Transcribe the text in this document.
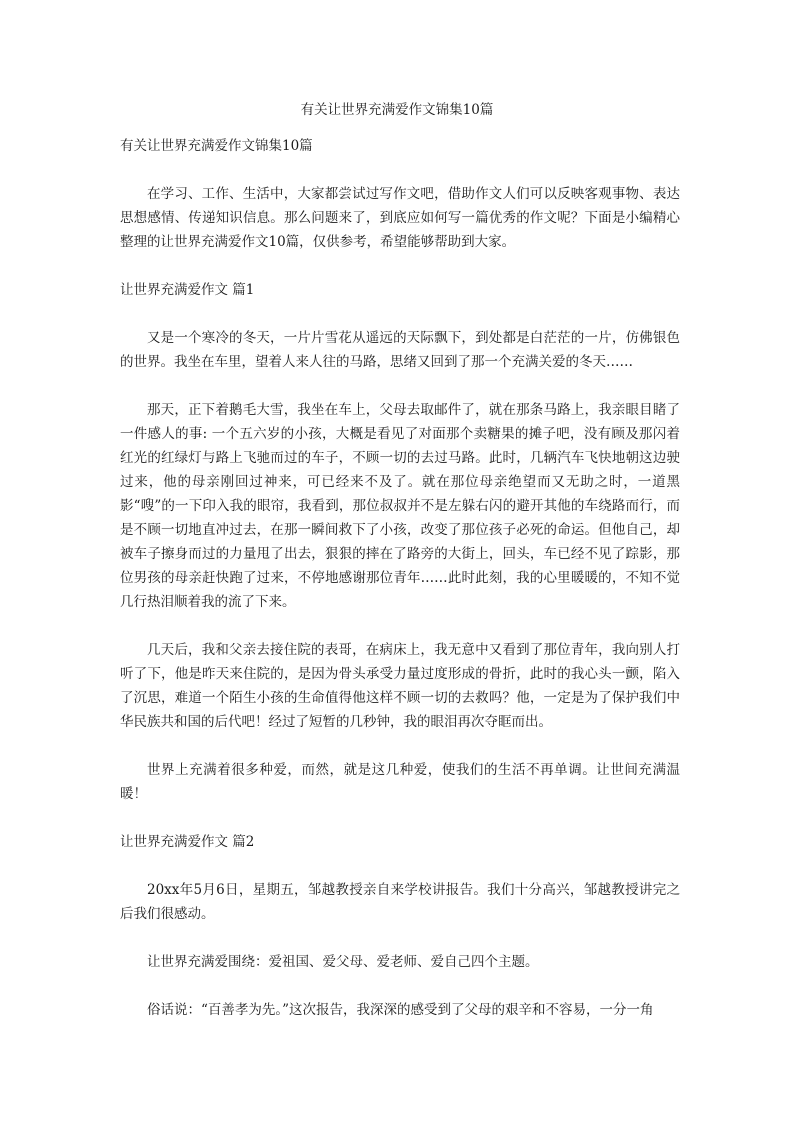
有关让世界充满爱作文锦集10篇

有关让世界充满爱作文锦集10篇

在学习、工作、生活中，大家都尝试过写作文吧，借助作文人们可以反映客观事物、表达思想感情、传递知识信息。那么问题来了，到底应如何写一篇优秀的作文呢？下面是小编精心整理的让世界充满爱作文10篇，仅供参考，希望能够帮助到大家。

让世界充满爱作文 篇1

又是一个寒冷的冬天，一片片雪花从遥远的天际飘下，到处都是白茫茫的一片，仿佛银色的世界。我坐在车里，望着人来人往的马路，思绪又回到了那一个充满关爱的冬天……

那天，正下着鹅毛大雪，我坐在车上，父母去取邮件了，就在那条马路上，我亲眼目睹了一件感人的事: 一个五六岁的小孩，大概是看见了对面那个卖糖果的摊子吧，没有顾及那闪着红光的红绿灯与路上飞驰而过的车子，不顾一切的去过马路。此时，几辆汽车飞快地朝这边驶过来，他的母亲刚回过神来，可已经来不及了。就在那位母亲绝望而又无助之时，一道黑影“嗖”的一下印入我的眼帘，我看到，那位叔叔并不是左躲右闪的避开其他的车绕路而行，而是不顾一切地直冲过去，在那一瞬间救下了小孩，改变了那位孩子必死的命运。但他自己，却被车子擦身而过的力量甩了出去，狠狠的摔在了路旁的大街上，回头，车已经不见了踪影，那位男孩的母亲赶快跑了过来，不停地感谢那位青年……此时此刻，我的心里暖暖的，不知不觉几行热泪顺着我的流了下来。

几天后，我和父亲去接住院的表哥，在病床上，我无意中又看到了那位青年，我向别人打听了下，他是昨天来住院的，是因为骨头承受力量过度形成的骨折，此时的我心头一颤，陷入了沉思，难道一个陌生小孩的生命值得他这样不顾一切的去救吗？他，一定是为了保护我们中华民族共和国的后代吧！经过了短暂的几秒钟，我的眼泪再次夺眶而出。

世界上充满着很多种爱，而然，就是这几种爱，使我们的生活不再单调。让世间充满温暖！

让世界充满爱作文 篇2

20xx年5月6日，星期五，邹越教授亲自来学校讲报告。我们十分高兴，邹越教授讲完之后我们很感动。

让世界充满爱围绕：爱祖国、爱父母、爱老师、爱自己四个主题。

俗话说：“百善孝为先。”这次报告，我深深的感受到了父母的艰辛和不容易，一分一角
